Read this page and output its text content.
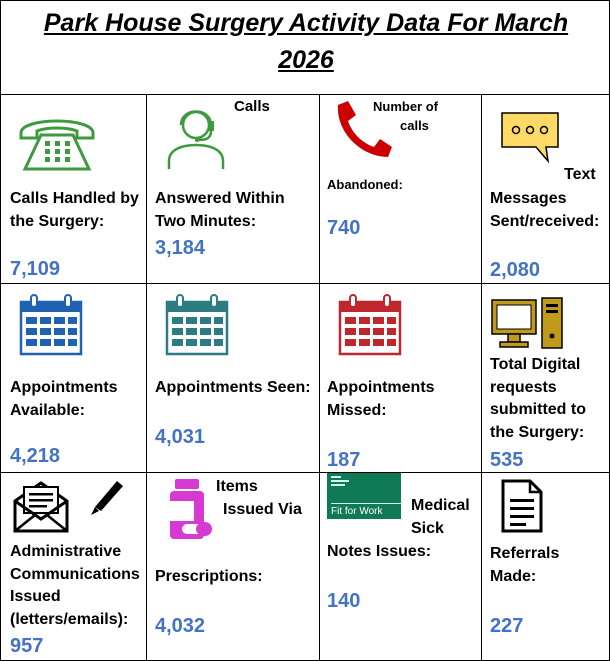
Park House Surgery Activity Data For March
2026
Calls Handled by
the Surgery:
7,109
Calls
Answered Within
Two Minutes:
3,184
Number of
calls
Abandoned:
740
Text
Messages
Sent/received:
2,080
Appointments
Available:
4,218
Appointments Seen:
4,031
Appointments
Missed:
187
Total Digital
requests
submitted to
the Surgery:
535
Administrative
Communications
Issued
(letters/emails):
957
Items
Issued Via
Prescriptions:
4,032
Fit for Work Medical
Sick
Notes Issues:
140
Referrals
Made:
227
